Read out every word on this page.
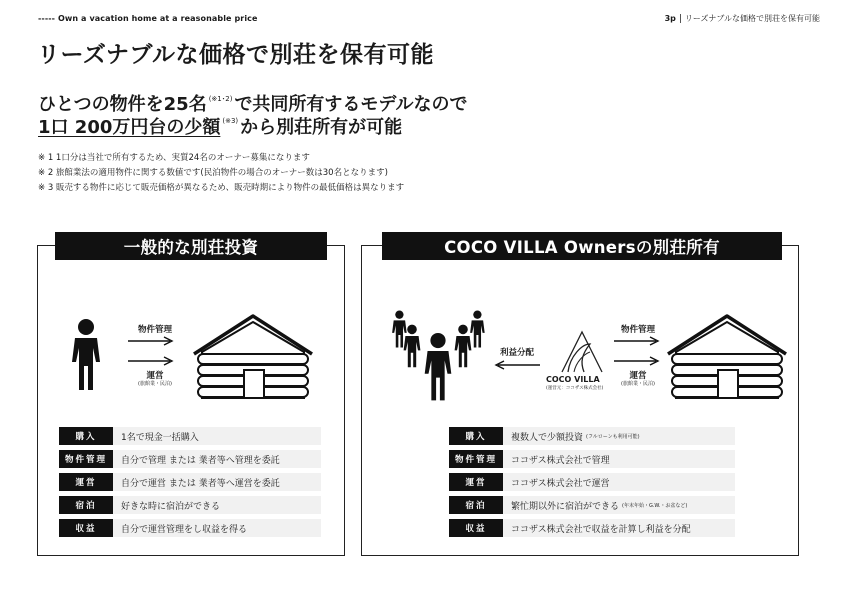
----- Own a vacation home at a reasonable price	3p リーズナブルな価格で別荘を保有可能
リーズナブルな価格で別荘を保有可能
ひとつの物件を25名 $^{(※1･2)}$ で共同所有するモデルなので
1口 200万円台の少額 $^{(※3)}$ から別荘所有が可能
※ 1 1口分は当社で所有するため、実質24名のオーナー募集になります
※ 2 旅館業法の適用物件に関する数値です(民泊物件の場合のオーナー数は30名となります)
※ 3 販売する物件に応じて販売価格が異なるため、販売時期により物件の最低価格は異なります
一般的な別荘投資	COCO VILLA Ownersの別荘所有
物件管理
運営
(旅館業・民泊)
利益分配
COCO VILLA
(運営元：ココザス株式会社)
物件管理
運営
(旅館業・民泊)
購入	1名で現金一括購入
物件管理	自分で管理 または 業者等へ管理を委託
運営	自分で運営 または 業者等へ運営を委託
宿泊	好きな時に宿泊ができる
収益	自分で運営管理をし収益を得る
購入	複数人で少額投資 (フルローンも利用可能)
物件管理	ココザス株式会社で管理
運営	ココザス株式会社で運営
宿泊	繁忙期以外に宿泊ができる (年末年始・G.W.・お盆など)
収益	ココザス株式会社で収益を計算し利益を分配
